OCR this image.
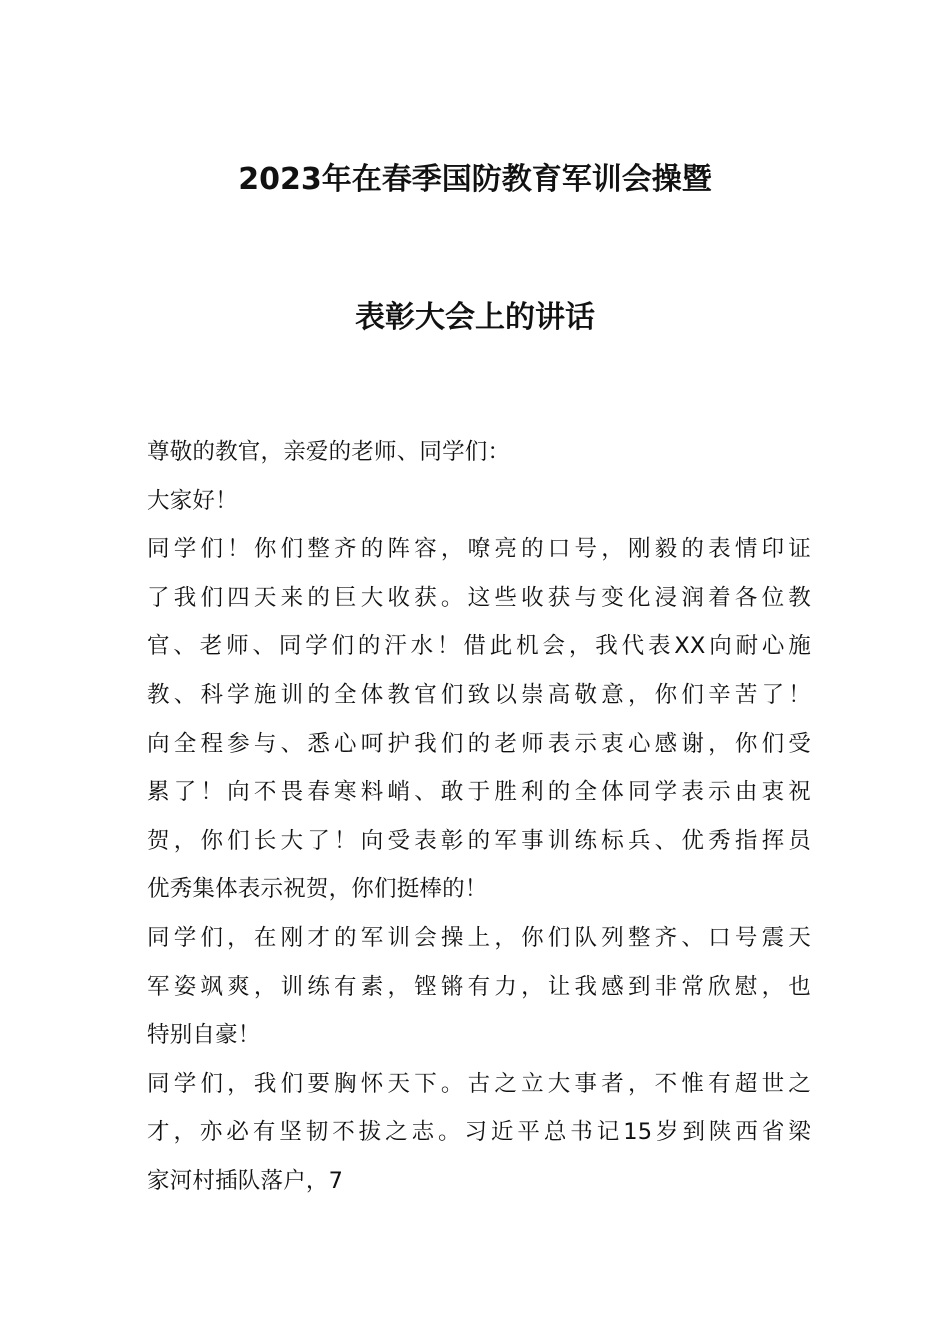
2023年在春季国防教育军训会操暨
表彰大会上的讲话
尊敬的教官，亲爱的老师、同学们：
大家好！
同学们！你们整齐的阵容，嘹亮的口号，刚毅的表情印证
了我们四天来的巨大收获。这些收获与变化浸润着各位教
官、老师、同学们的汗水！借此机会，我代表XX向耐心施
教、科学施训的全体教官们致以崇高敬意，你们辛苦了！
向全程参与、悉心呵护我们的老师表示衷心感谢，你们受
累了！向不畏春寒料峭、敢于胜利的全体同学表示由衷祝
贺，你们长大了！向受表彰的军事训练标兵、优秀指挥员
优秀集体表示祝贺，你们挺棒的！
同学们，在刚才的军训会操上，你们队列整齐、口号震天
军姿飒爽，训练有素，铿锵有力，让我感到非常欣慰，也
特别自豪！
同学们，我们要胸怀天下。古之立大事者，不惟有超世之
才，亦必有坚韧不拔之志。习近平总书记15岁到陕西省梁
家河村插队落户，7
